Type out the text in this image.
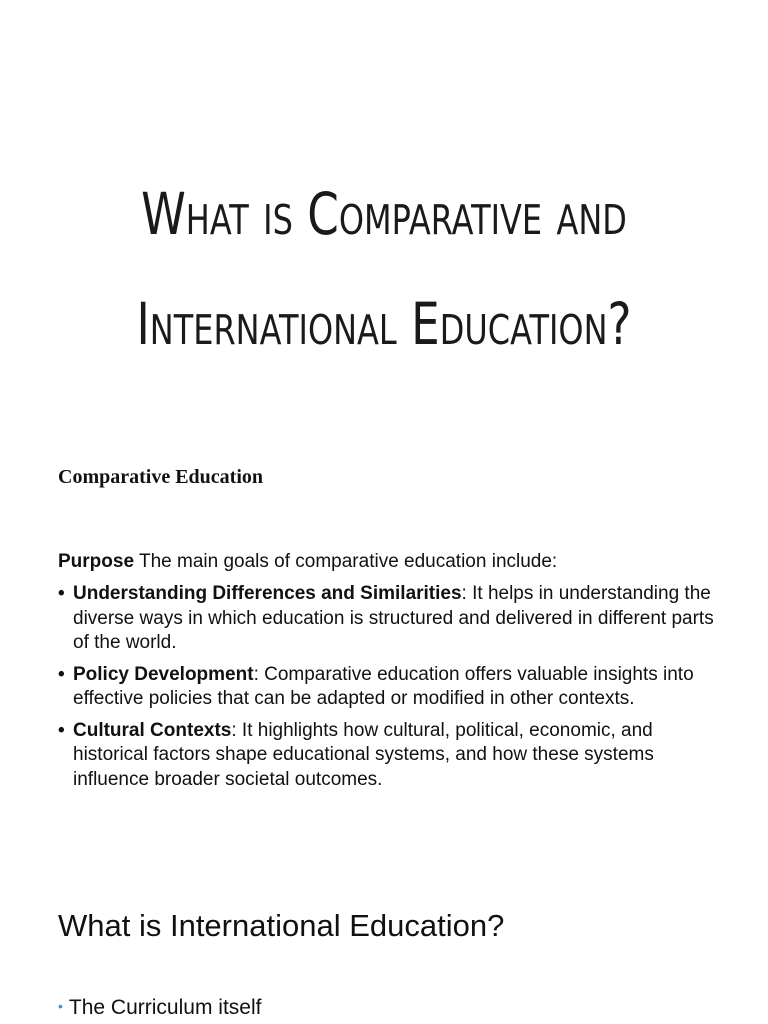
What is Comparative and
International Education?
Comparative Education

Purpose The main goals of comparative education include:

• Understanding Differences and Similarities: It helps in understanding the diverse ways in which education is structured and delivered in different parts of the world.
• Policy Development: Comparative education offers valuable insights into effective policies that can be adapted or modified in other contexts.
• Cultural Contexts: It highlights how cultural, political, economic, and historical factors shape educational systems, and how these systems influence broader societal outcomes.
What is International Education?

• The Curriculum itself
